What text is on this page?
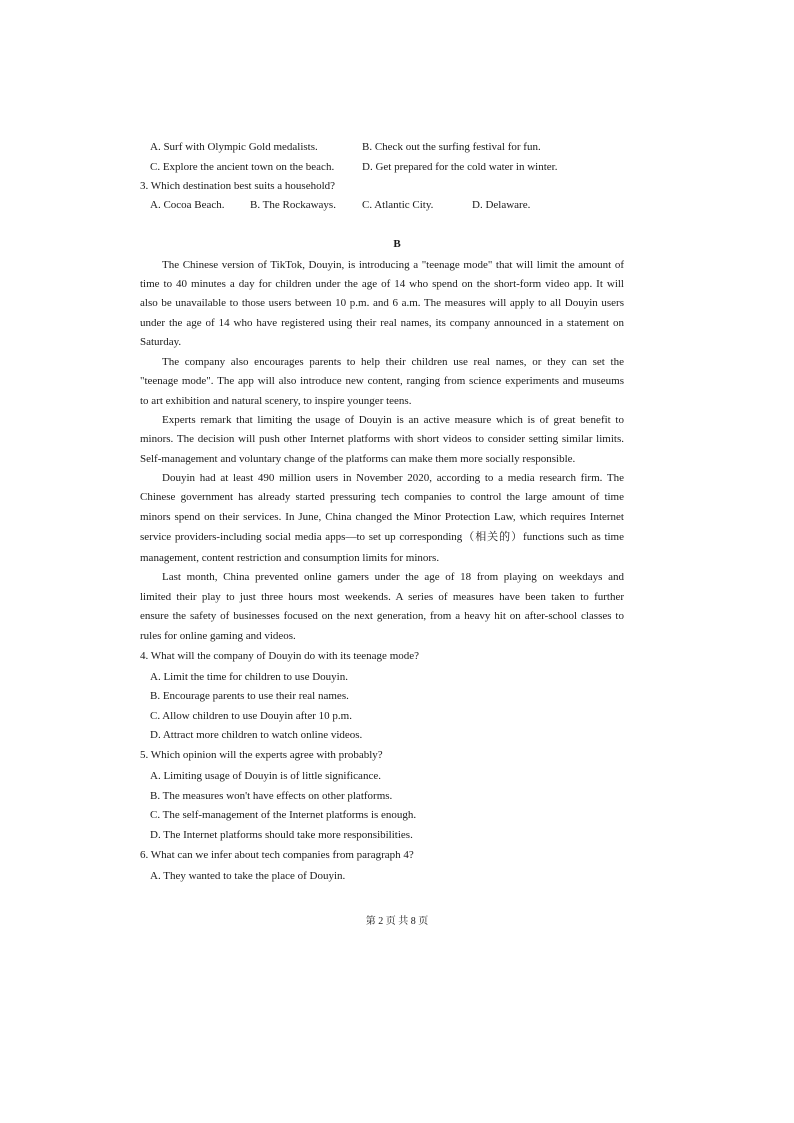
A. Surf with Olympic Gold medalists.	B. Check out the surfing festival for fun.
C. Explore the ancient town on the beach.	D. Get prepared for the cold water in winter.
3. Which destination best suits a household?
A. Cocoa Beach. B. The Rockaways. C. Atlantic City.	D. Delaware.
B
The Chinese version of TikTok, Douyin, is introducing a "teenage mode" that will limit the amount of
time to 40 minutes a day for children under the age of 14 who spend on the short-form video app. It will
also be unavailable to those users between 10 p.m. and 6 a.m. The measures will apply to all Douyin users
under the age of 14 who have registered using their real names, its company announced in a statement on
Saturday.
The company also encourages parents to help their children use real names, or they can set the
"teenage mode". The app will also introduce new content, ranging from science experiments and museums
to art exhibition and natural scenery, to inspire younger teens.
Experts remark that limiting the usage of Douyin is an active measure which is of great benefit to
minors. The decision will push other Internet platforms with short videos to consider setting similar limits.
Self-management and voluntary change of the platforms can make them more socially responsible.
Douyin had at least 490 million users in November 2020, according to a media research firm. The
Chinese government has already started pressuring tech companies to control the large amount of time
minors spend on their services. In June, China changed the Minor Protection Law, which requires Internet
service providers-including social media apps—to set up corresponding（相关的）functions such as time
management, content restriction and consumption limits for minors.
Last month, China prevented online gamers under the age of 18 from playing on weekdays and
limited their play to just three hours most weekends. A series of measures have been taken to further
ensure the safety of businesses focused on the next generation, from a heavy hit on after-school classes to
rules for online gaming and videos.
4. What will the company of Douyin do with its teenage mode?
A. Limit the time for children to use Douyin.
B. Encourage parents to use their real names.
C. Allow children to use Douyin after 10 p.m.
D. Attract more children to watch online videos.
5. Which opinion will the experts agree with probably?
A. Limiting usage of Douyin is of little significance.
B. The measures won't have effects on other platforms.
C. The self-management of the Internet platforms is enough.
D. The Internet platforms should take more responsibilities.
6. What can we infer about tech companies from paragraph 4?
A. They wanted to take the place of Douyin.
第 2 页 共 8 页
